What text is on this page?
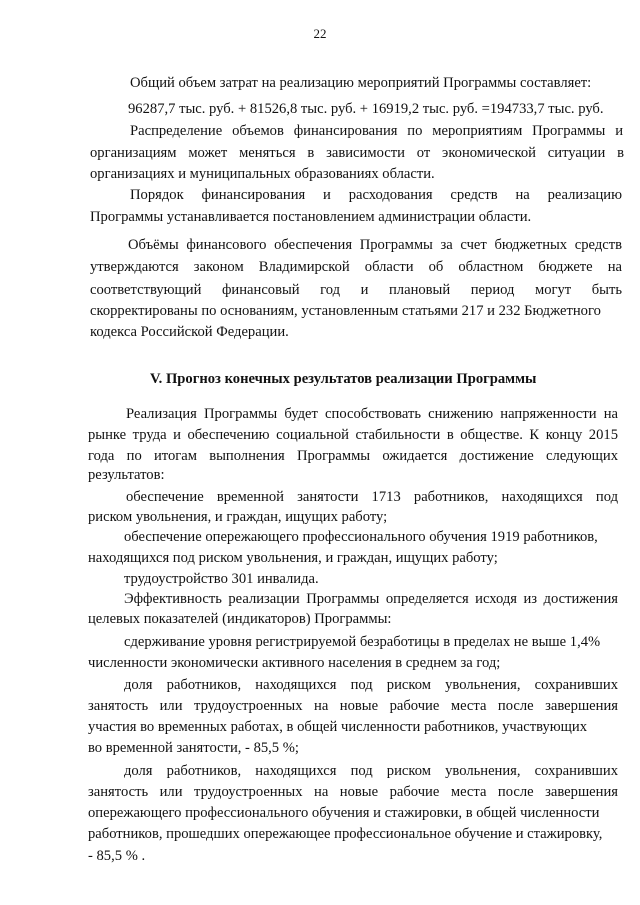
22
Общий объем затрат на реализацию мероприятий Программы составляет:
96287,7 тыс. руб. + 81526,8 тыс. руб. + 16919,2 тыс. руб. =194733,7 тыс. руб.
Распределение объемов финансирования по мероприятиям Программы и
организациям может меняться в зависимости от экономической ситуации в
организациях и муниципальных образованиях области.
Порядок финансирования и расходования средств на реализацию
Программы устанавливается постановлением администрации области.
Объёмы финансового обеспечения Программы за счет бюджетных средств
утверждаются законом Владимирской области об областном бюджете на
соответствующий финансовый год и плановый период могут быть
скорректированы по основаниям, установленным статьями 217 и 232 Бюджетного
кодекса Российской Федерации.
V. Прогноз конечных результатов реализации Программы
Реализация Программы будет способствовать снижению напряженности на
рынке труда и обеспечению социальной стабильности в обществе. К концу 2015
года по итогам выполнения Программы ожидается достижение следующих
результатов:
обеспечение временной занятости 1713 работников, находящихся под
риском увольнения, и граждан, ищущих работу;
обеспечение опережающего профессионального обучения 1919 работников,
находящихся под риском увольнения, и граждан, ищущих работу;
трудоустройство 301 инвалида.
Эффективность реализации Программы определяется исходя из достижения
целевых показателей (индикаторов) Программы:
сдерживание уровня регистрируемой безработицы в пределах не выше 1,4%
численности экономически активного населения в среднем за год;
доля работников, находящихся под риском увольнения, сохранивших
занятость или трудоустроенных на новые рабочие места после завершения
участия во временных работах, в общей численности работников, участвующих
во временной занятости, - 85,5 %;
доля работников, находящихся под риском увольнения, сохранивших
занятость или трудоустроенных на новые рабочие места после завершения
опережающего профессионального обучения и стажировки, в общей численности
работников, прошедших опережающее профессиональное обучение и стажировку,
- 85,5 % .
